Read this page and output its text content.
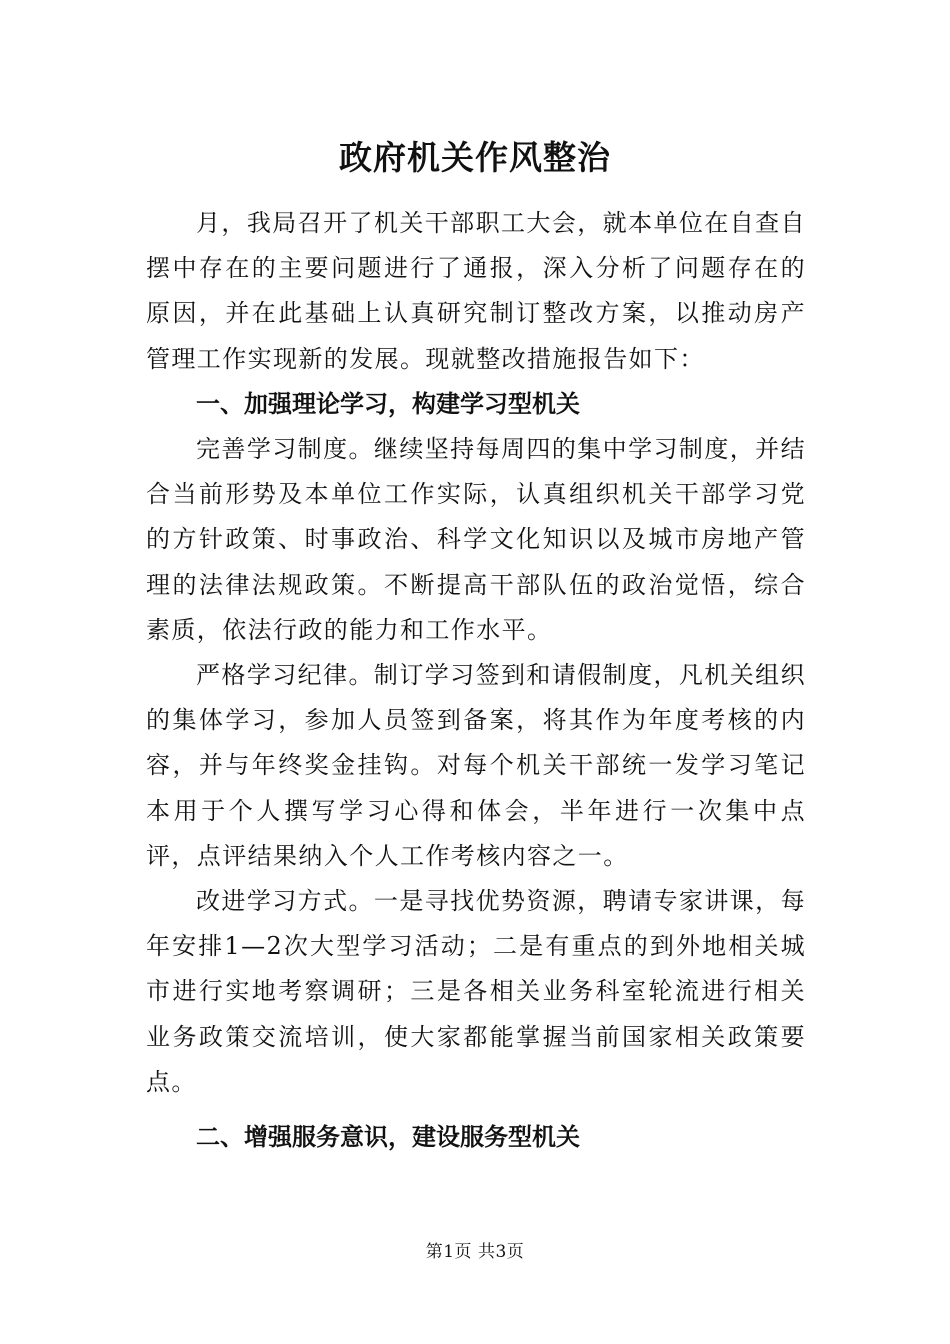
政府机关作风整治

月，我局召开了机关干部职工大会，就本单位在自查自摆中存在的主要问题进行了通报，深入分析了问题存在的原因，并在此基础上认真研究制订整改方案，以推动房产管理工作实现新的发展。现就整改措施报告如下：

一、加强理论学习，构建学习型机关

完善学习制度。继续坚持每周四的集中学习制度，并结合当前形势及本单位工作实际，认真组织机关干部学习党的方针政策、时事政治、科学文化知识以及城市房地产管理的法律法规政策。不断提高干部队伍的政治觉悟，综合素质，依法行政的能力和工作水平。

严格学习纪律。制订学习签到和请假制度，凡机关组织的集体学习，参加人员签到备案，将其作为年度考核的内容，并与年终奖金挂钩。对每个机关干部统一发学习笔记本用于个人撰写学习心得和体会，半年进行一次集中点评，点评结果纳入个人工作考核内容之一。

改进学习方式。一是寻找优势资源，聘请专家讲课，每年安排1—2次大型学习活动；二是有重点的到外地相关城市进行实地考察调研；三是各相关业务科室轮流进行相关业务政策交流培训，使大家都能掌握当前国家相关政策要点。

二、增强服务意识，建设服务型机关

第1页 共3页
